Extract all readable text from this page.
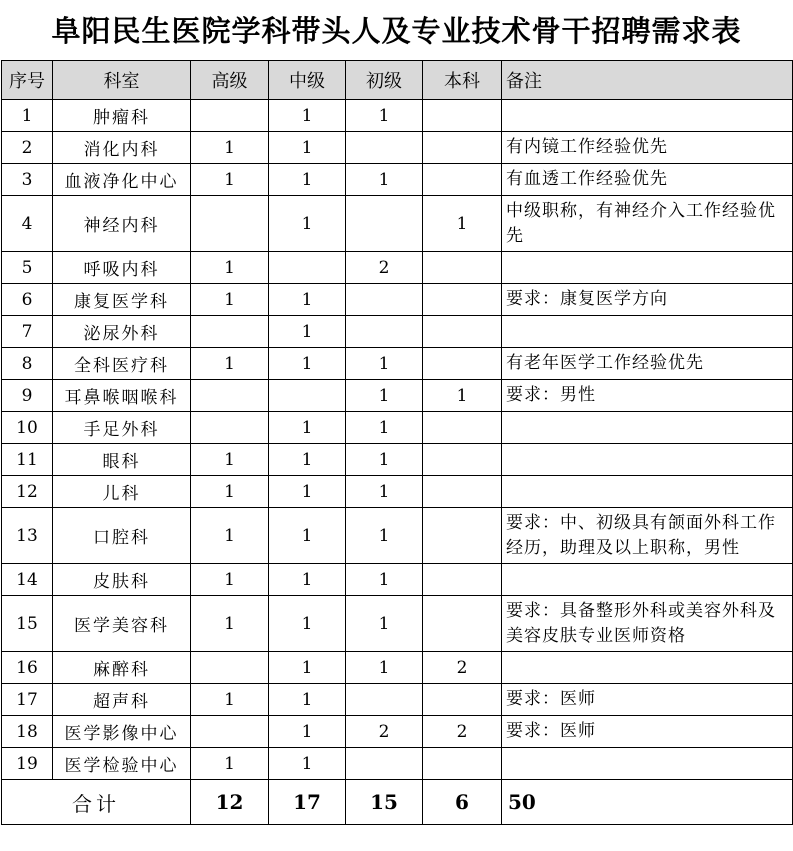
阜阳民生医院学科带头人及专业技术骨干招聘需求表
序号	科室	高级	中级	初级	本科	备注
1	肿瘤科		1	1		
2	消化内科	1	1			有内镜工作经验优先
3	血液净化中心	1	1	1		有血透工作经验优先
4	神经内科		1		1	中级职称，有神经介入工作经验优先
5	呼吸内科	1		2		
6	康复医学科	1	1			要求：康复医学方向
7	泌尿外科		1			
8	全科医疗科	1	1	1		有老年医学工作经验优先
9	耳鼻喉咽喉科			1	1	要求：男性
10	手足外科		1	1		
11	眼科	1	1	1		
12	儿科	1	1	1		
13	口腔科	1	1	1		要求：中、初级具有颌面外科工作经历，助理及以上职称，男性
14	皮肤科	1	1	1		
15	医学美容科	1	1	1		要求：具备整形外科或美容外科及美容皮肤专业医师资格
16	麻醉科		1	1	2	
17	超声科	1	1			要求：医师
18	医学影像中心		1	2	2	要求：医师
19	医学检验中心	1	1			
合计		12	17	15	6	50
